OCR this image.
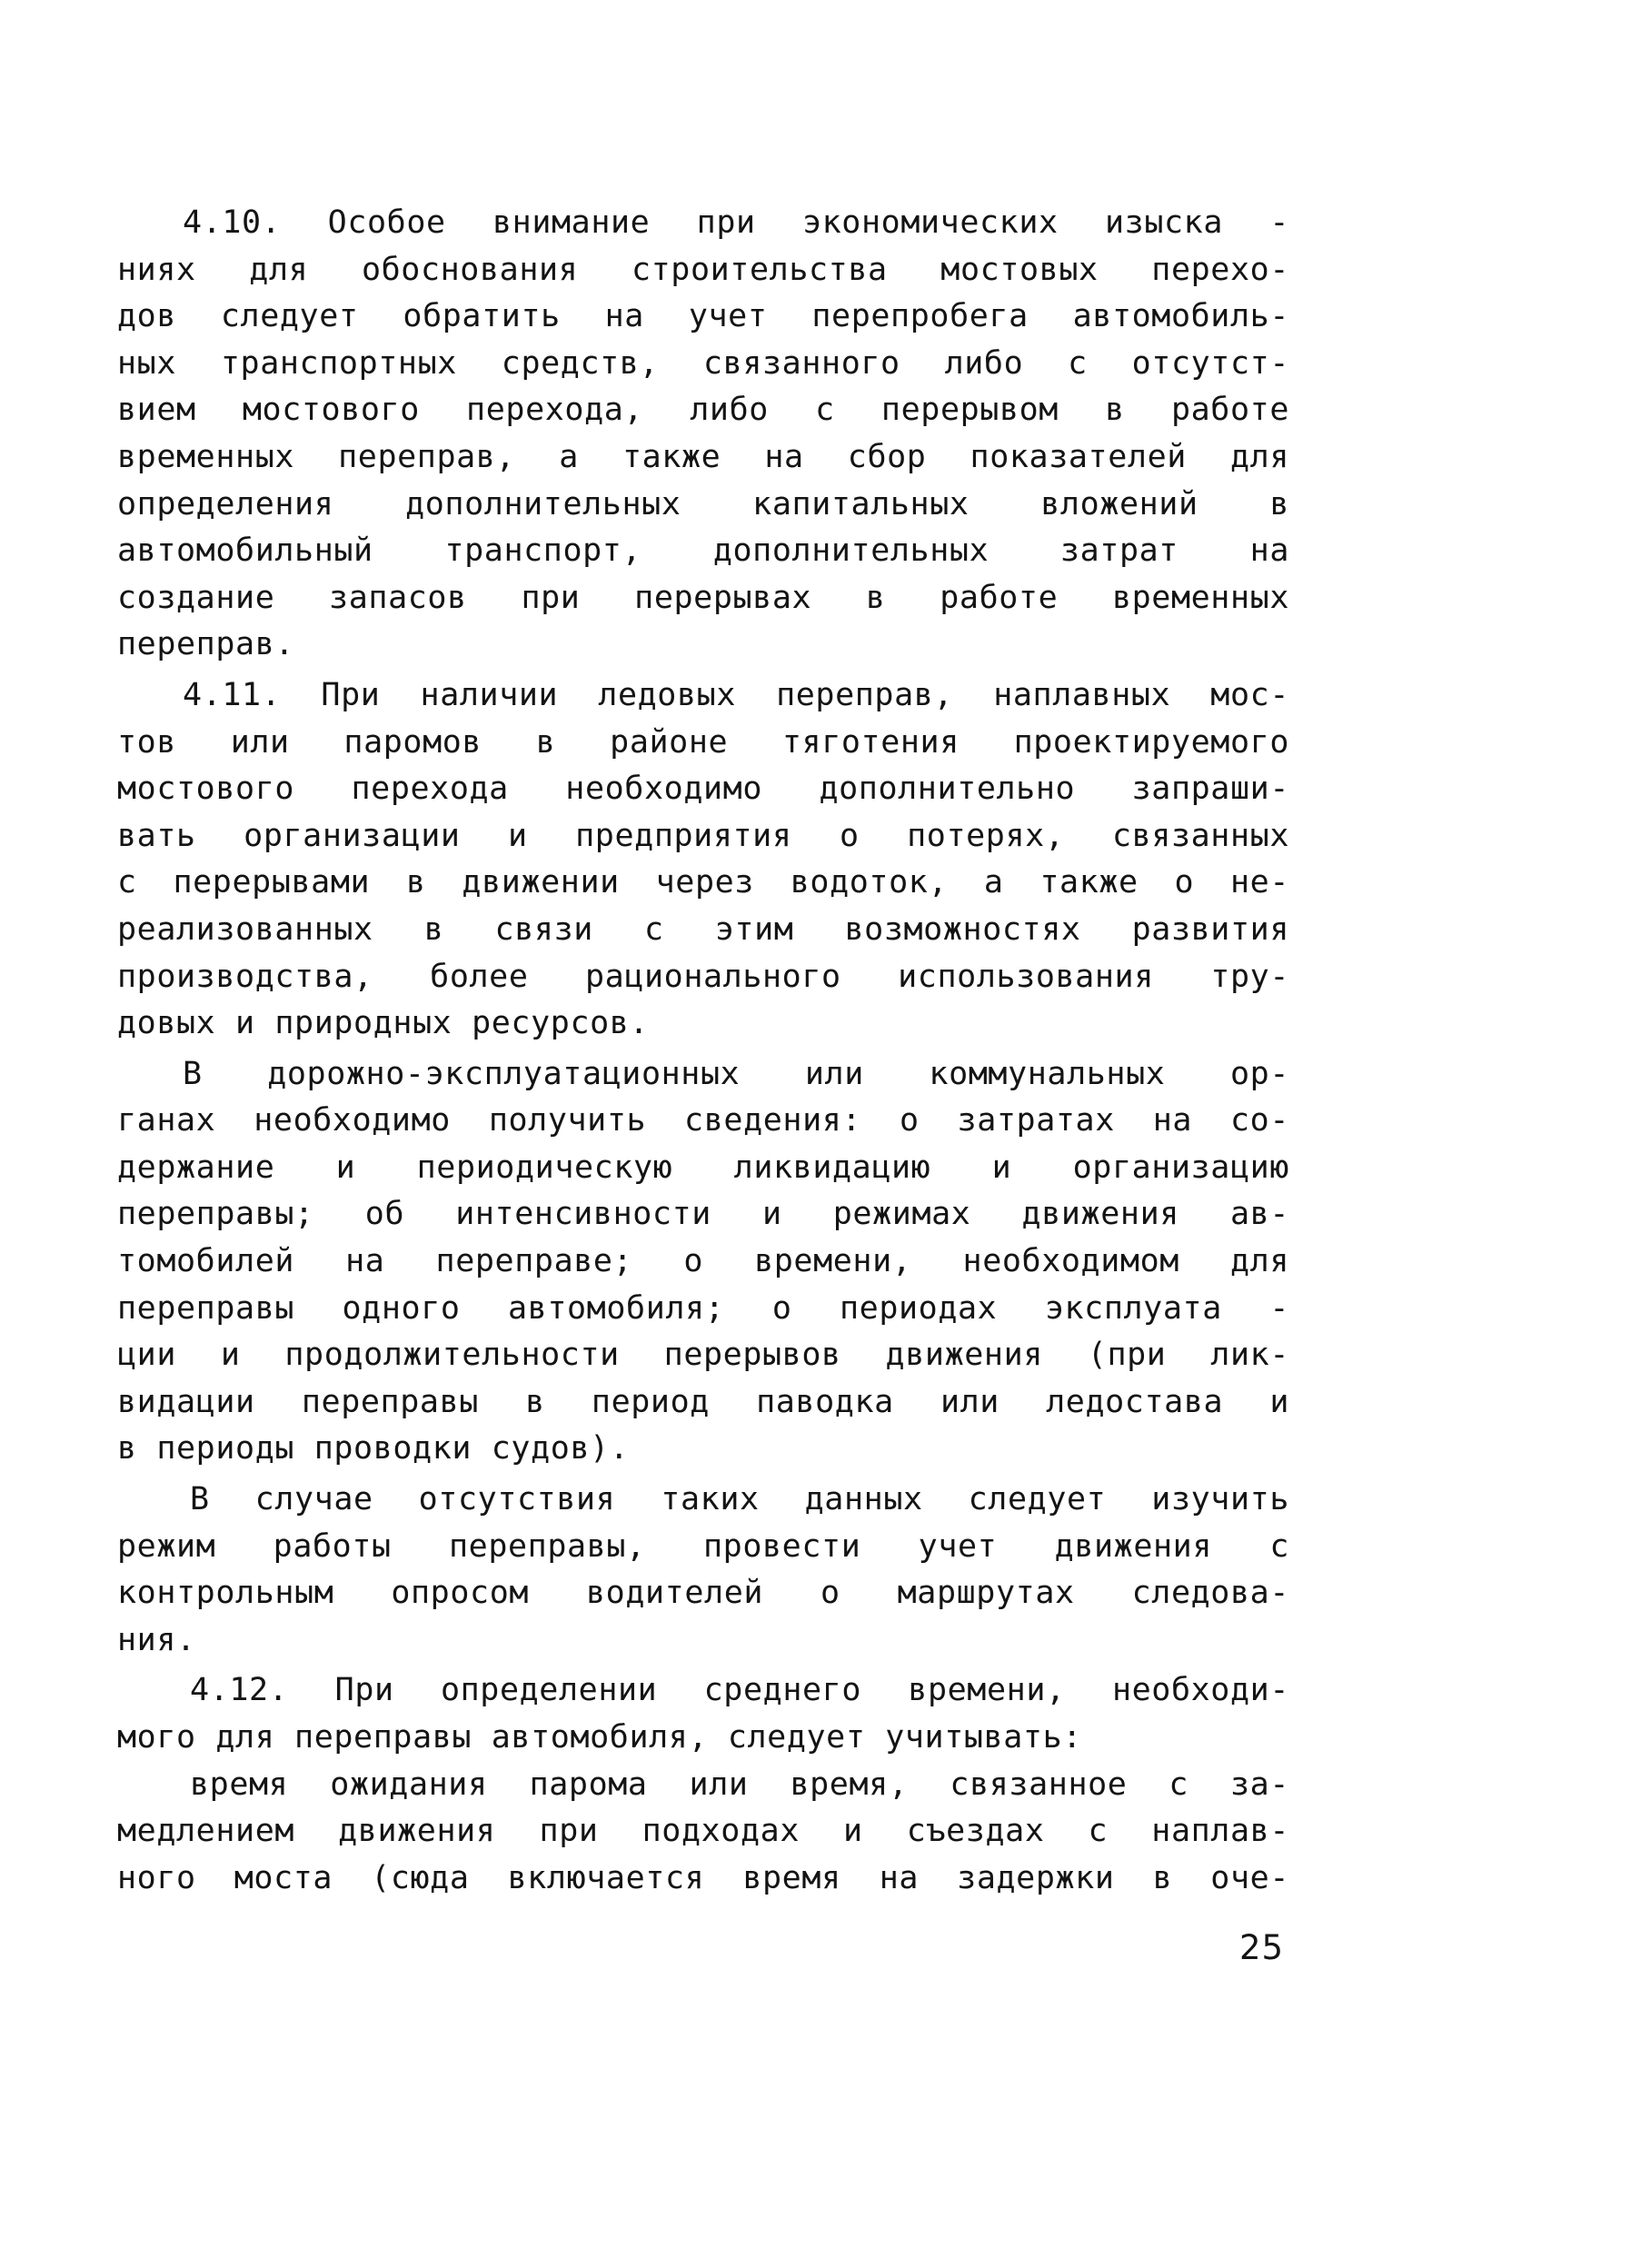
4.10. Особое внимание при экономических изыска -
ниях для обоснования строительства мостовых перехо-
дов следует обратить на учет перепробега автомобиль-
ных транспортных средств, связанного либо с отсутст-
вием мостового перехода, либо с перерывом в работе
временных переправ, а также на сбор показателей для
определения дополнительных капитальных вложений в
автомобильный транспорт, дополнительных затрат на
создание запасов при перерывах в работе временных
переправ.
4.11. При наличии ледовых переправ, наплавных мос-
тов или паромов в районе тяготения проектируемого
мостового перехода необходимо дополнительно запраши-
вать организации и предприятия о потерях, связанных
с перерывами в движении через водоток, а также о не-
реализованных в связи с этим возможностях развития
производства, более рационального использования тру-
довых и природных ресурсов.
В дорожно-эксплуатационных или коммунальных ор-
ганах необходимо получить сведения: о затратах на со-
держание и периодическую ликвидацию и организацию
переправы; об интенсивности и режимах движения ав-
томобилей на переправе; о времени, необходимом для
переправы одного автомобиля; о периодах эксплуата -
ции и продолжительности перерывов движения (при лик-
видации переправы в период паводка или ледостава и
в периоды проводки судов).
В случае отсутствия таких данных следует изучить
режим работы переправы, провести учет движения с
контрольным опросом водителей о маршрутах следова-
ния.
4.12. При определении среднего времени, необходи-
мого для переправы автомобиля, следует учитывать:
время ожидания парома или время, связанное с за-
медлением движения при подходах и съездах с наплав-
ного моста (сюда включается время на задержки в оче-
25
